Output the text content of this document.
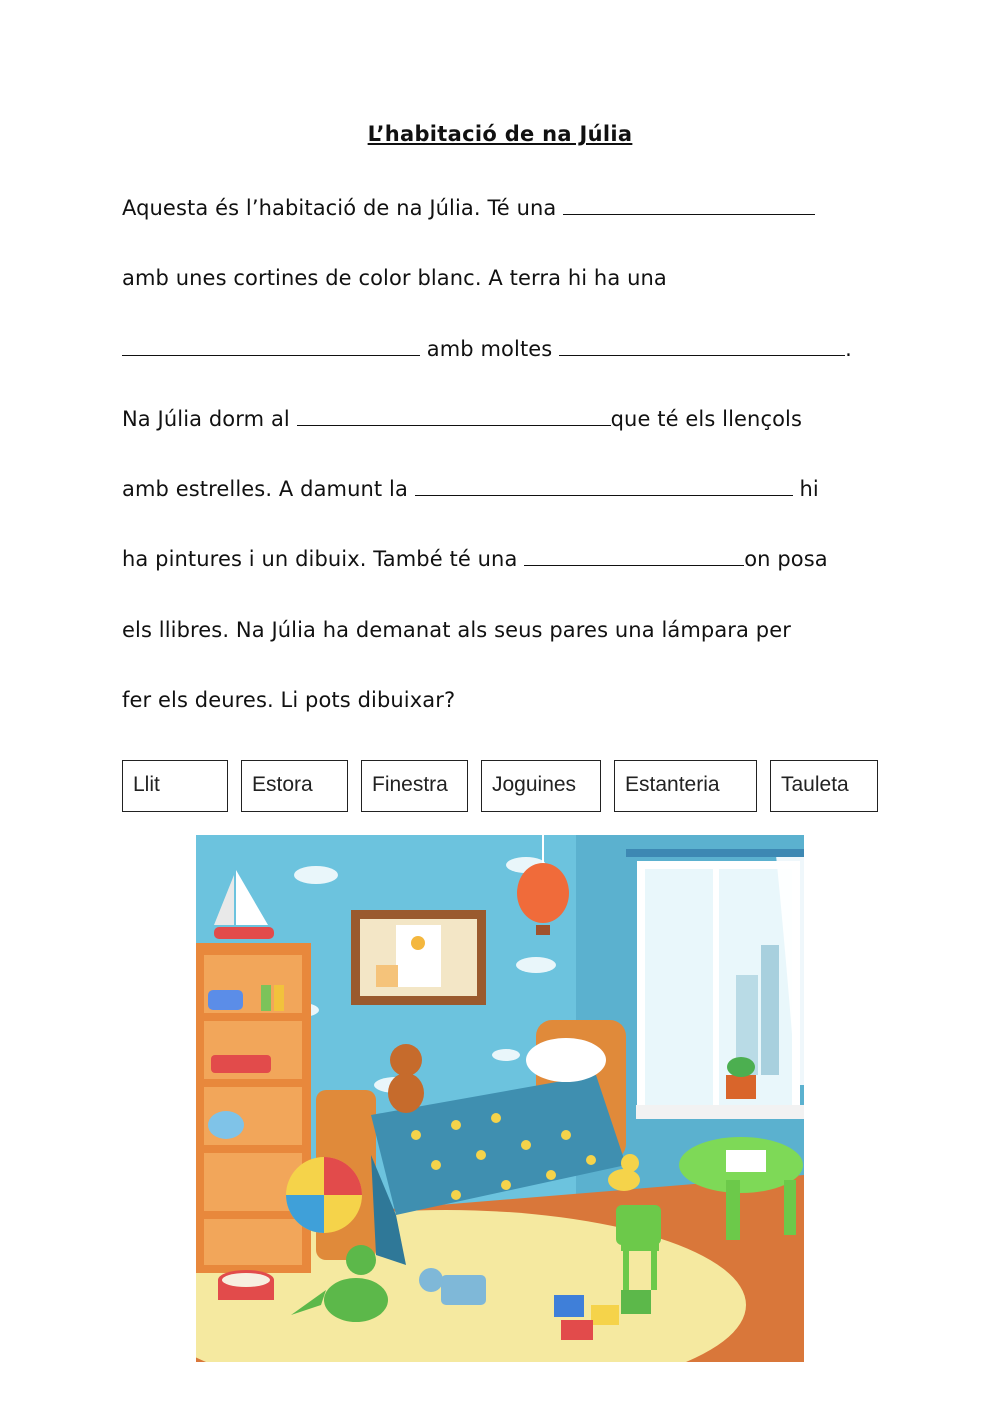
L’habitació de na Júlia
Aquesta és l’habitació de na Júlia. Té una
amb unes cortines de color blanc. A terra hi ha una
amb moltes	.
Na Júlia dorm al	que té els llençols
amb estrelles. A damunt la	hi
ha pintures i un dibuix. També té una	on posa
els llibres. Na Júlia ha demanat als seus pares una lámpara per
fer els deures. Li pots dibuixar?
Llit	Estora	Finestra	Joguines	Estanteria	Tauleta
